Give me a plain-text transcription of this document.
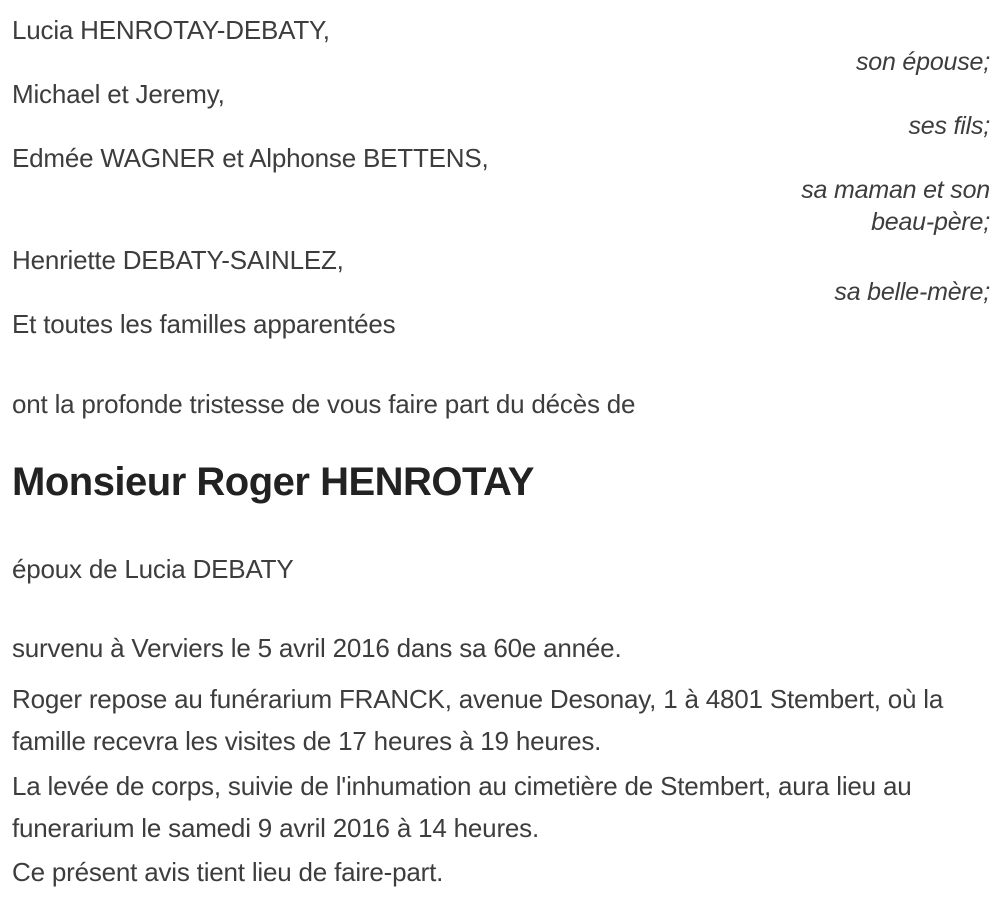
Lucia HENROTAY-DEBATY,
son épouse;
Michael et Jeremy,
ses fils;
Edmée WAGNER et Alphonse BETTENS,
sa maman et son beau-père;
Henriette DEBATY-SAINLEZ,
sa belle-mère;
Et toutes les familles apparentées
ont la profonde tristesse de vous faire part du décès de
Monsieur Roger HENROTAY
époux de Lucia DEBATY
survenu à Verviers le 5 avril 2016 dans sa 60e année.
Roger repose au funérarium FRANCK, avenue Desonay, 1 à 4801 Stembert, où la famille recevra les visites de 17 heures à 19 heures.
La levée de corps, suivie de l'inhumation au cimetière de Stembert, aura lieu au funerarium le samedi 9 avril 2016 à 14 heures.
Ce présent avis tient lieu de faire-part.
